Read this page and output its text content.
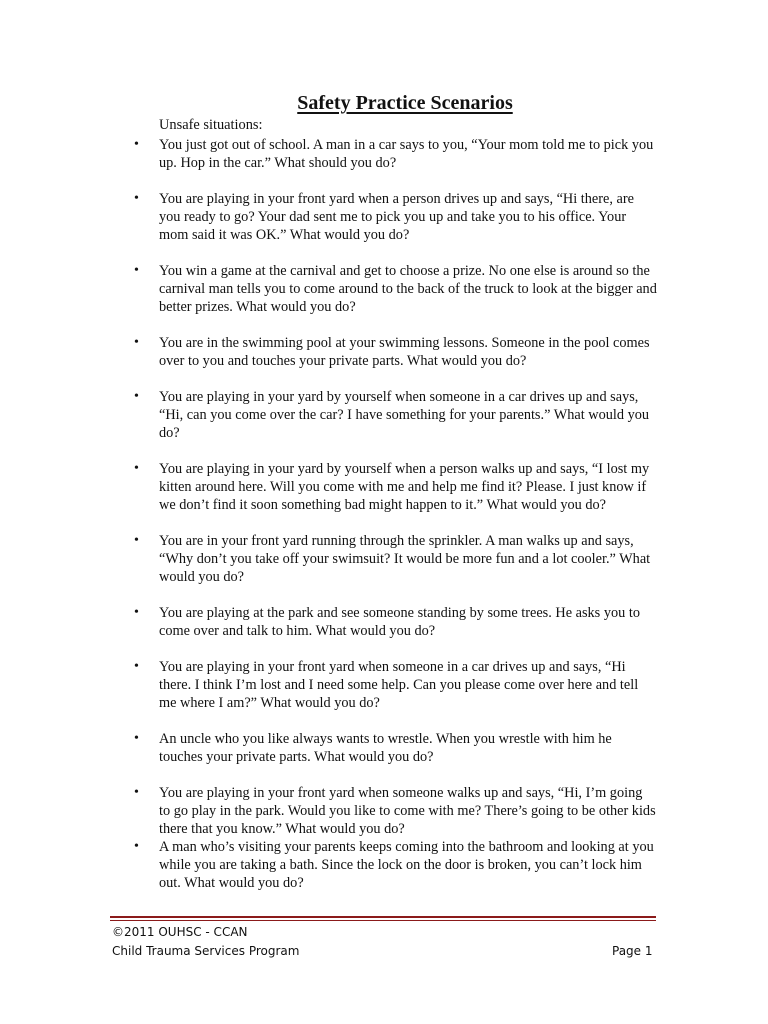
Safety Practice Scenarios
Unsafe situations:
• You just got out of school. A man in a car says to you, “Your mom told me to pick you up. Hop in the car.” What should you do?
• You are playing in your front yard when a person drives up and says, “Hi there, are you ready to go? Your dad sent me to pick you up and take you to his office. Your mom said it was OK.” What would you do?
• You win a game at the carnival and get to choose a prize. No one else is around so the carnival man tells you to come around to the back of the truck to look at the bigger and better prizes. What would you do?
• You are in the swimming pool at your swimming lessons. Someone in the pool comes over to you and touches your private parts. What would you do?
• You are playing in your yard by yourself when someone in a car drives up and says, “Hi, can you come over the car? I have something for your parents.” What would you do?
• You are playing in your yard by yourself when a person walks up and says, “I lost my kitten around here. Will you come with me and help me find it? Please. I just know if we don’t find it soon something bad might happen to it.” What would you do?
• You are in your front yard running through the sprinkler. A man walks up and says, “Why don’t you take off your swimsuit? It would be more fun and a lot cooler.” What would you do?
• You are playing at the park and see someone standing by some trees. He asks you to come over and talk to him. What would you do?
• You are playing in your front yard when someone in a car drives up and says, “Hi there. I think I’m lost and I need some help. Can you please come over here and tell me where I am?” What would you do?
• An uncle who you like always wants to wrestle. When you wrestle with him he touches your private parts. What would you do?
• You are playing in your front yard when someone walks up and says, “Hi, I’m going to go play in the park. Would you like to come with me? There’s going to be other kids there that you know.” What would you do?
• A man who’s visiting your parents keeps coming into the bathroom and looking at you while you are taking a bath. Since the lock on the door is broken, you can’t lock him out. What would you do?
©2011 OUHSC - CCAN
Child Trauma Services Program	Page 1
